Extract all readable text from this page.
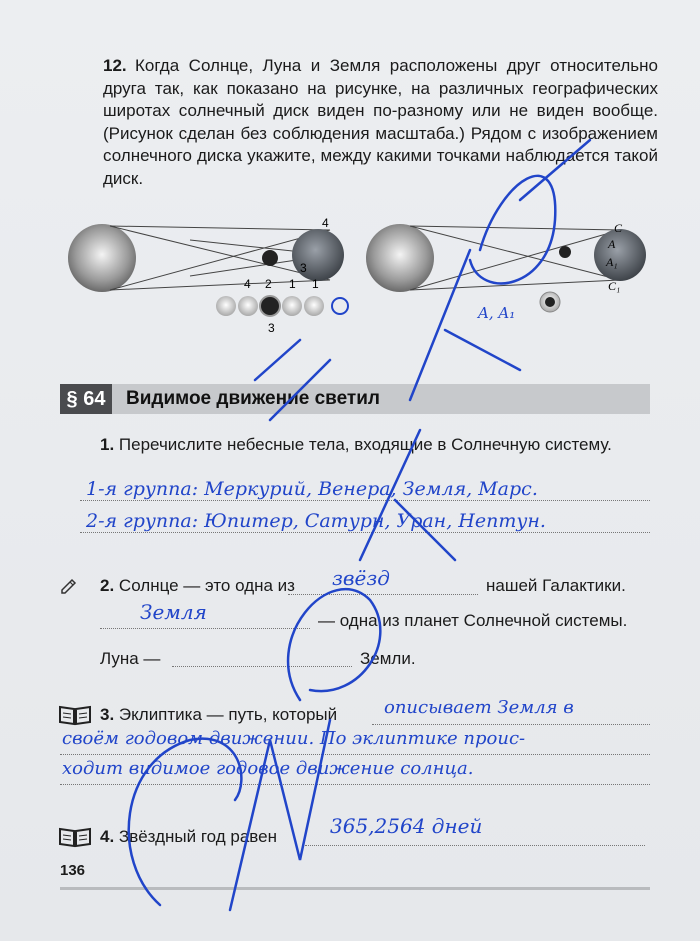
12. Когда Солнце, Луна и Земля расположены друг относительно друга так, как показано на рисунке, на различных географических широтах солнечный диск виден по-разному или не виден вообще. (Рисунок сделан без соблюдения масштаба.) Рядом с изображением солнечного диска укажите, между какими точками наблюдается такой диск.
4
3
4 2 1 1
3
C
A
A₁
C₁
A, A₁
§ 64	Видимое движение светил
1. Перечислите небесные тела, входящие в Солнечную систему.
1-я группа: Меркурий, Венера, Земля, Марс.
2-я группа: Юпитер, Сатурн, Уран, Нептун.
2. Солнце — это одна из звёзд	нашей Галактики.
Земля	— одна из планет Солнечной системы.
Луна —	Земли.
3. Эклиптика — путь, который	описывает Земля в
своём годовом движении. По эклиптике проис-
ходит видимое годовое движение солнца.
4. Звёздный год равен	365,2564 дней
136
